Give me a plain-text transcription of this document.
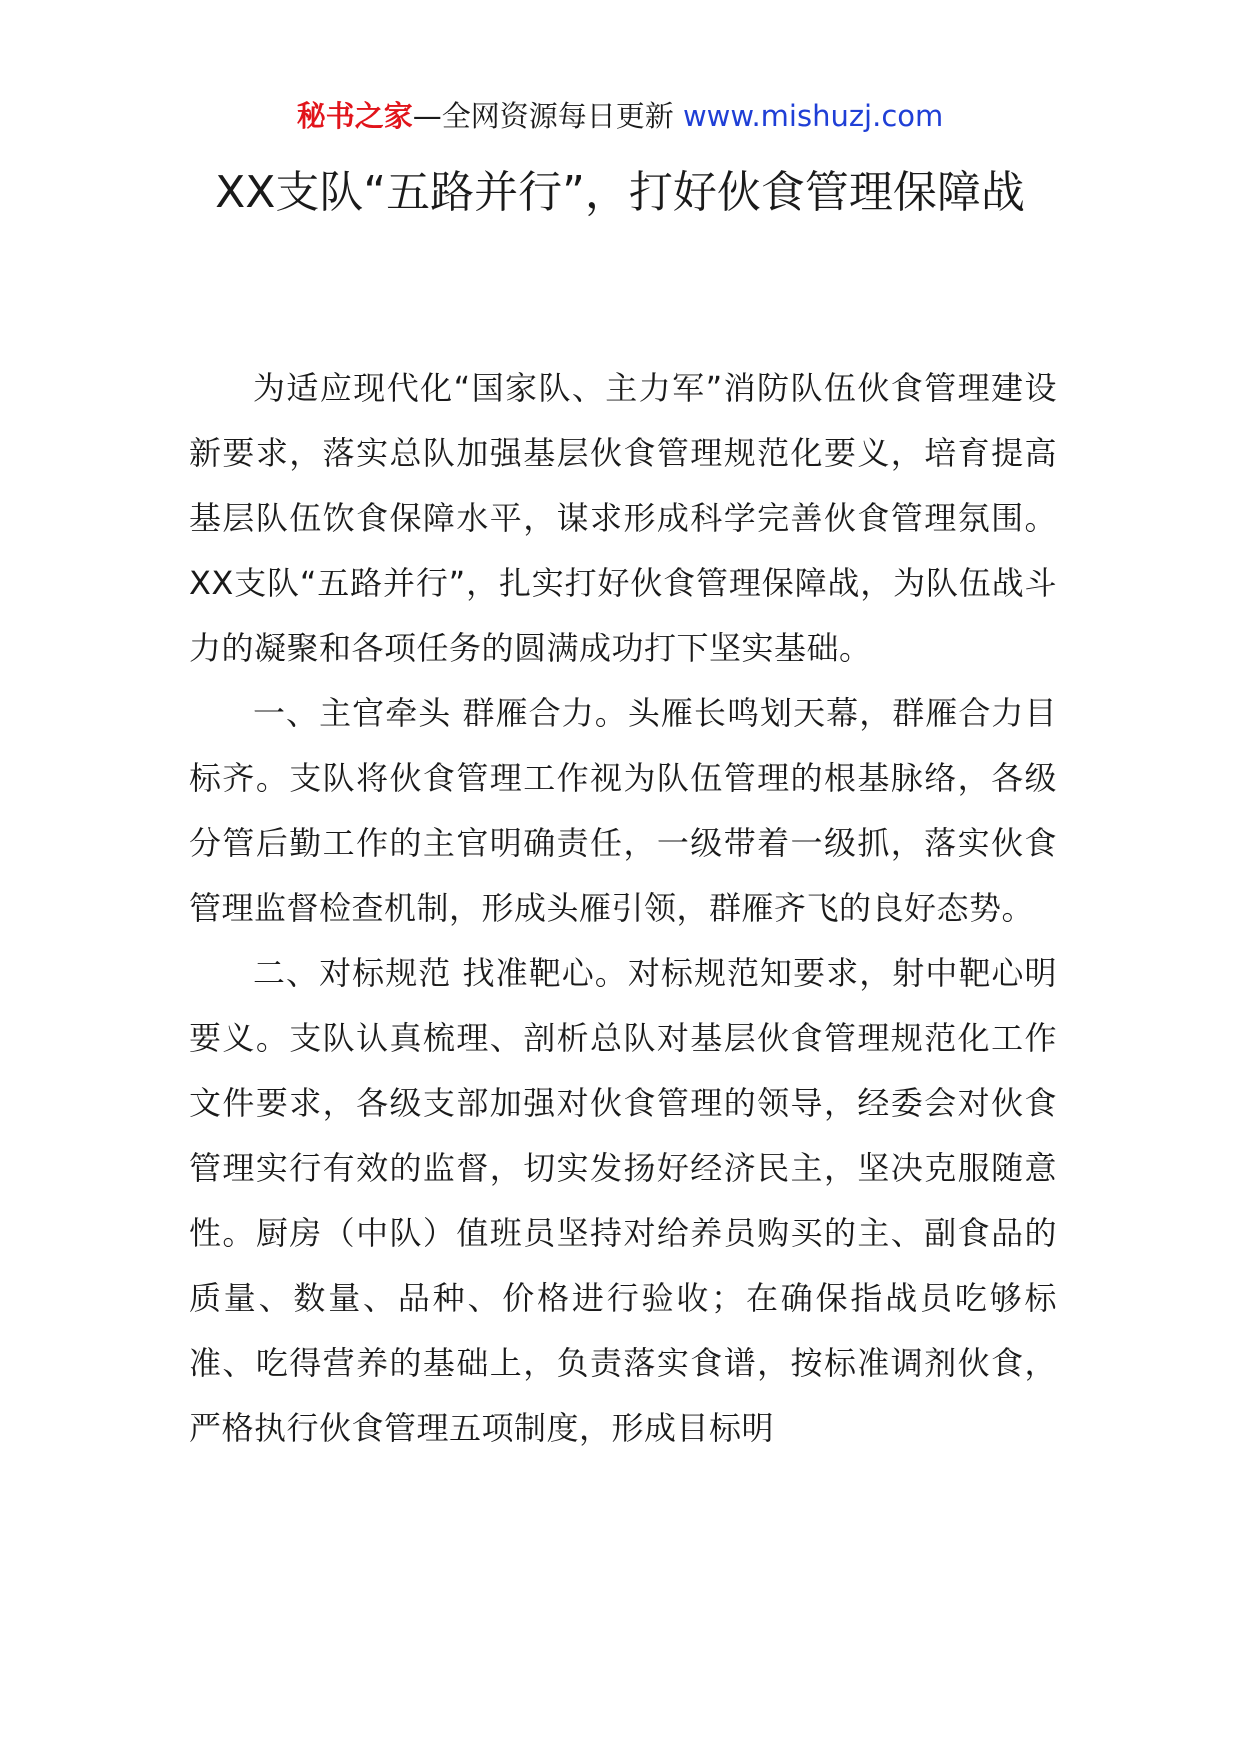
秘书之家—全网资源每日更新 www.mishuzj.com
XX支队“五路并行”，打好伙食管理保障战

为适应现代化“国家队、主力军”消防队伍伙食管理建设新要求，落实总队加强基层伙食管理规范化要义，培育提高基层队伍饮食保障水平，谋求形成科学完善伙食管理氛围。XX支队“五路并行”，扎实打好伙食管理保障战，为队伍战斗力的凝聚和各项任务的圆满成功打下坚实基础。

一、主官牵头 群雁合力。头雁长鸣划天幕，群雁合力目标齐。支队将伙食管理工作视为队伍管理的根基脉络，各级分管后勤工作的主官明确责任，一级带着一级抓，落实伙食管理监督检查机制，形成头雁引领，群雁齐飞的良好态势。

二、对标规范 找准靶心。对标规范知要求，射中靶心明要义。支队认真梳理、剖析总队对基层伙食管理规范化工作文件要求，各级支部加强对伙食管理的领导，经委会对伙食管理实行有效的监督，切实发扬好经济民主，坚决克服随意性。厨房（中队）值班员坚持对给养员购买的主、副食品的质量、数量、品种、价格进行验收；在确保指战员吃够标准、吃得营养的基础上，负责落实食谱，按标准调剂伙食，严格执行伙食管理五项制度，形成目标明
